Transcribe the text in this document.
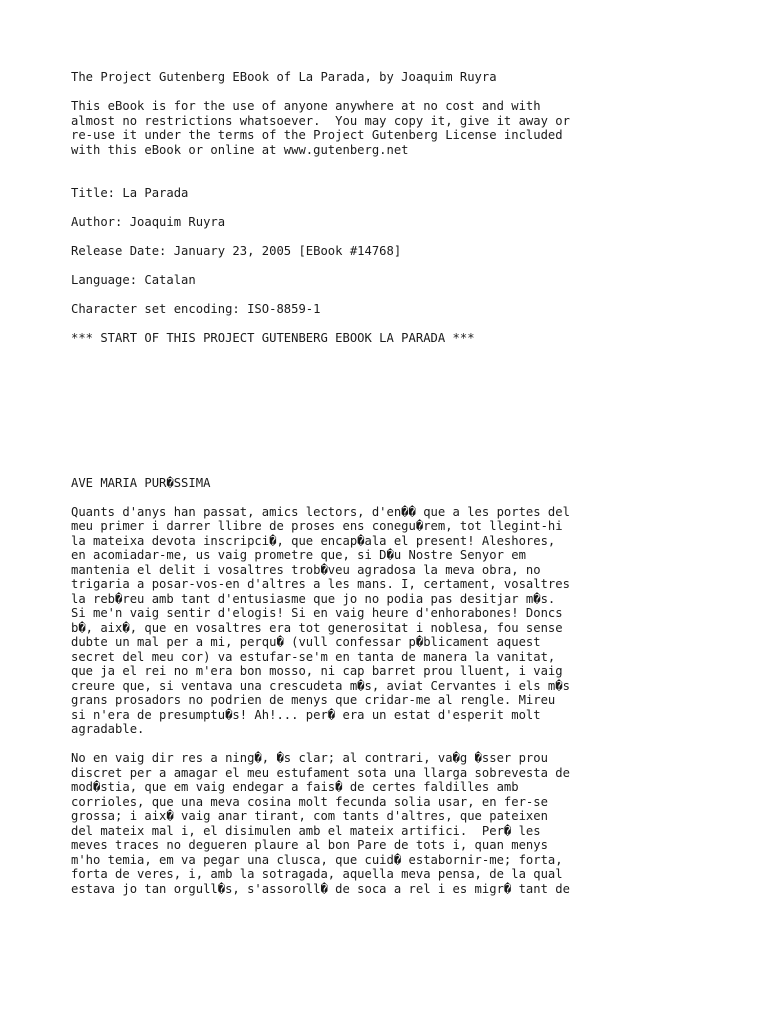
The Project Gutenberg EBook of La Parada, by Joaquim Ruyra
This eBook is for the use of anyone anywhere at no cost and with
almost no restrictions whatsoever.  You may copy it, give it away or
re-use it under the terms of the Project Gutenberg License included
with this eBook or online at www.gutenberg.net
Title: La Parada
Author: Joaquim Ruyra
Release Date: January 23, 2005 [EBook #14768]
Language: Catalan
Character set encoding: ISO-8859-1
*** START OF THIS PROJECT GUTENBERG EBOOK LA PARADA ***
AVE MARIA PUR�SSIMA
Quants d'anys han passat, amics lectors, d'en�� que a les portes del
meu primer i darrer llibre de proses ens conegu�rem, tot llegint-hi
la mateixa devota inscripci�, que encap�ala el present! Aleshores,
en acomiadar-me, us vaig prometre que, si D�u Nostre Senyor em
mantenia el delit i vosaltres trob�veu agradosa la meva obra, no
trigaria a posar-vos-en d'altres a les mans. I, certament, vosaltres
la reb�reu amb tant d'entusiasme que jo no podia pas desitjar m�s.
Si me'n vaig sentir d'elogis! Si en vaig heure d'enhorabones! Doncs
b�, aix�, que en vosaltres era tot generositat i noblesa, fou sense
dubte un mal per a mi, perqu� (vull confessar p�blicament aquest
secret del meu cor) va estufar-se'm en tanta de manera la vanitat,
que ja el rei no m'era bon mosso, ni cap barret prou lluent, i vaig
creure que, si ventava una crescudeta m�s, aviat Cervantes i els m�s
grans prosadors no podrien de menys que cridar-me al rengle. Mireu
si n'era de presumptu�s! Ah!... per� era un estat d'esperit molt
agradable.
No en vaig dir res a ning�, �s clar; al contrari, va�g �sser prou
discret per a amagar el meu estufament sota una llarga sobrevesta de
mod�stia, que em vaig endegar a fais� de certes faldilles amb
corrioles, que una meva cosina molt fecunda solia usar, en fer-se
grossa; i aix� vaig anar tirant, com tants d'altres, que pateixen
del mateix mal i, el disimulen amb el mateix artifici.  Per� les
meves traces no degueren plaure al bon Pare de tots i, quan menys
m'ho temia, em va pegar una clusca, que cuid� estabornir-me; forta,
forta de veres, i, amb la sotragada, aquella meva pensa, de la qual
estava jo tan orgull�s, s'assoroll� de soca a rel i es migr� tant de
